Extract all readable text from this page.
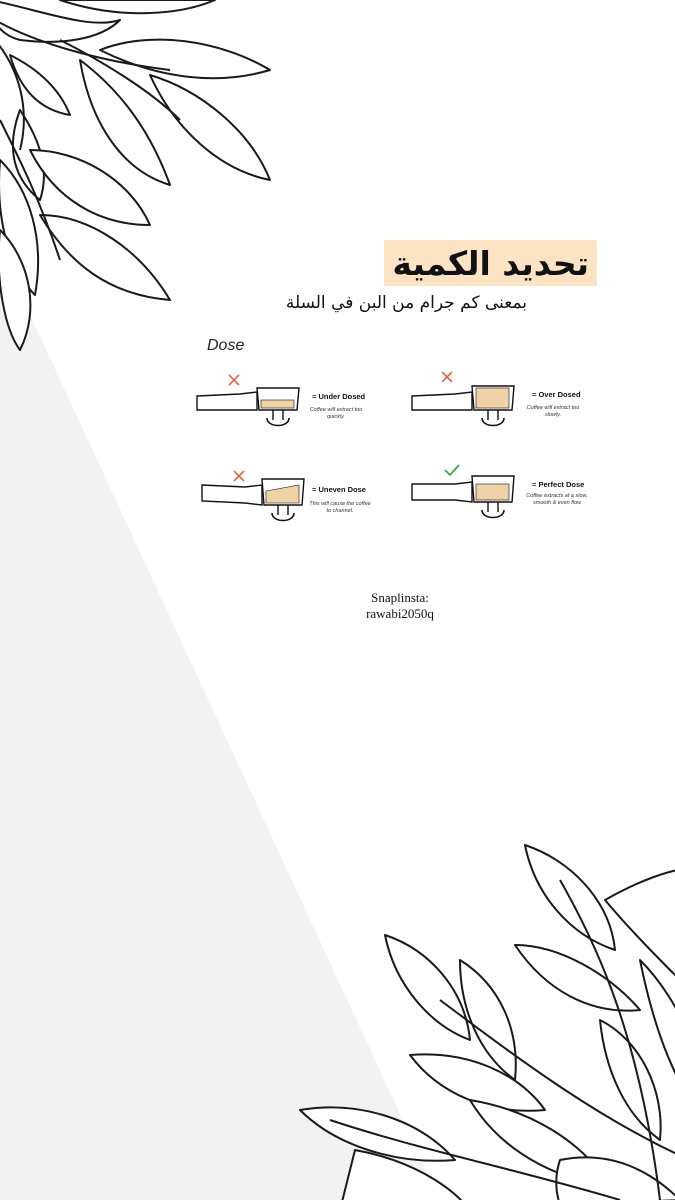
تحديد الكمية
بمعنى كم جرام من البن في السلة
Dose
= Under Dosed
Coffee will extract too quickly.
= Over Dosed
Coffee will extract too slowly.
= Uneven Dose
This will cause the coffee to channel.
= Perfect Dose
Coffee extracts at a slow, smooth & even flow
Snaplinsta:
rawabi2050q
